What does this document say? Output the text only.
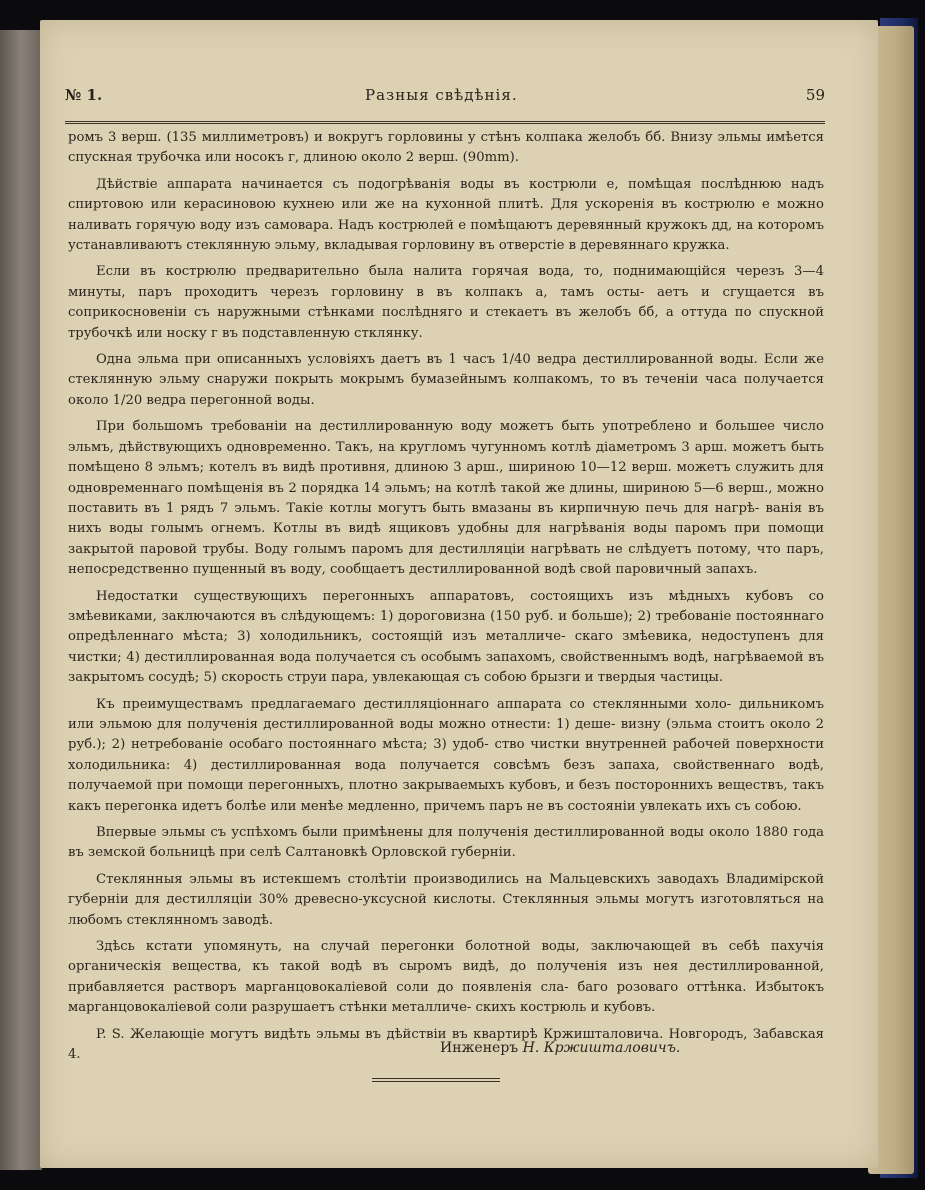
№ 1.	Разныя свѣдѣнія.	59

ромъ 3 верш. (135 миллиметровъ) и вокругъ горловины у стѣнъ колпака желобъ бб. Внизу эльмы имѣется спускная трубочка или носокъ г, длиною около 2 верш. (90mm).

Дѣйствіе аппарата начинается съ подогрѣванія воды въ кострюли е, помѣщая послѣднюю надъ спиртовою или керасиновою кухнею или же на кухонной плитѣ. Для ускоренія въ кострюлю е можно наливать горячую воду изъ самовара. Надъ кострюлей е помѣщаютъ деревянный кружокъ дд, на которомъ устанавливаютъ стеклянную эльму, вкладывая горловину въ отверстіе в деревяннаго кружка.

Если въ кострюлю предварительно была налита горячая вода, то, поднимающійся черезъ 3—4 минуты, паръ проходитъ черезъ горловину в въ колпакъ а, тамъ осты- аетъ и сгущается въ соприкосновеніи съ наружными стѣнками послѣдняго и стекаетъ въ желобъ бб, а оттуда по спускной трубочкѣ или носку г въ подставленную стклянку.

Одна эльма при описанныхъ условіяхъ даетъ въ 1 часъ 1/40 ведра дестиллированной воды. Если же стеклянную эльму снаружи покрыть мокрымъ бумазейнымъ колпакомъ, то въ теченіи часа получается около 1/20 ведра перегонной воды.

При большомъ требованіи на дестиллированную воду можетъ быть употреблено и большее число эльмъ, дѣйствующихъ одновременно. Такъ, на кругломъ чугунномъ котлѣ діаметромъ 3 арш. можетъ быть помѣщено 8 эльмъ; котелъ въ видѣ противня, длиною 3 арш., шириною 10—12 верш. можетъ служить для одновременнаго помѣщенія въ 2 порядка 14 эльмъ; на котлѣ такой же длины, шириною 5—6 верш., можно поставить въ 1 рядъ 7 эльмъ. Такіе котлы могутъ быть вмазаны въ кирпичную печь для нагрѣ- ванія въ нихъ воды голымъ огнемъ. Котлы въ видѣ ящиковъ удобны для нагрѣванія воды паромъ при помощи закрытой паровой трубы. Воду голымъ паромъ для дестилляціи нагрѣвать не слѣдуетъ потому, что паръ, непосредственно пущенный въ воду, сообщаетъ дестиллированной водѣ свой паровичный запахъ.

Недостатки существующихъ перегонныхъ аппаратовъ, состоящихъ изъ мѣдныхъ кубовъ со змѣевиками, заключаются въ слѣдующемъ: 1) дороговизна (150 руб. и больше); 2) требованіе постояннаго опредѣленнаго мѣста; 3) холодильникъ, состоящій изъ металличе- скаго змѣевика, недоступенъ для чистки; 4) дестиллированная вода получается съ особымъ запахомъ, свойственнымъ водѣ, нагрѣваемой въ закрытомъ сосудѣ; 5) скорость струи пара, увлекающая съ собою брызги и твердыя частицы.

Къ преимуществамъ предлагаемаго дестилляціоннаго аппарата со стеклянными холо- дильникомъ или эльмою для полученія дестиллированной воды можно отнести: 1) деше- визну (эльма стоитъ около 2 руб.); 2) нетребованіе особаго постояннаго мѣста; 3) удоб- ство чистки внутренней рабочей поверхности холодильника: 4) дестиллированная вода получается совсѣмъ безъ запаха, свойственнаго водѣ, получаемой при помощи перегонныхъ, плотно закрываемыхъ кубовъ, и безъ постороннихъ веществъ, такъ какъ перегонка идетъ болѣе или менѣе медленно, причемъ паръ не въ состояніи увлекать ихъ съ собою.

Впервые эльмы съ успѣхомъ были примѣнены для полученія дестиллированной воды около 1880 года въ земской больницѣ при селѣ Салтановкѣ Орловской губерніи.

Стеклянныя эльмы въ истекшемъ столѣтіи производились на Мальцевскихъ заводахъ Владимірской губерніи для дестилляціи 30% древесно-уксусной кислоты. Стеклянныя эльмы могутъ изготовляться на любомъ стеклянномъ заводѣ.

Здѣсь кстати упомянуть, на случай перегонки болотной воды, заключающей въ себѣ пахучія органическія вещества, къ такой водѣ въ сыромъ видѣ, до полученія изъ нея дестиллированной, прибавляется растворъ марганцовокаліевой соли до появленія сла- баго розоваго оттѣнка. Избытокъ марганцовокаліевой соли разрушаетъ стѣнки металличе- скихъ кострюль и кубовъ.

P. S. Желающіе могутъ видѣть эльмы въ дѣйствіи въ квартирѣ Кржишталовича. Новгородъ, Забавская 4.	Инженеръ Н. Кржишталовичъ.
